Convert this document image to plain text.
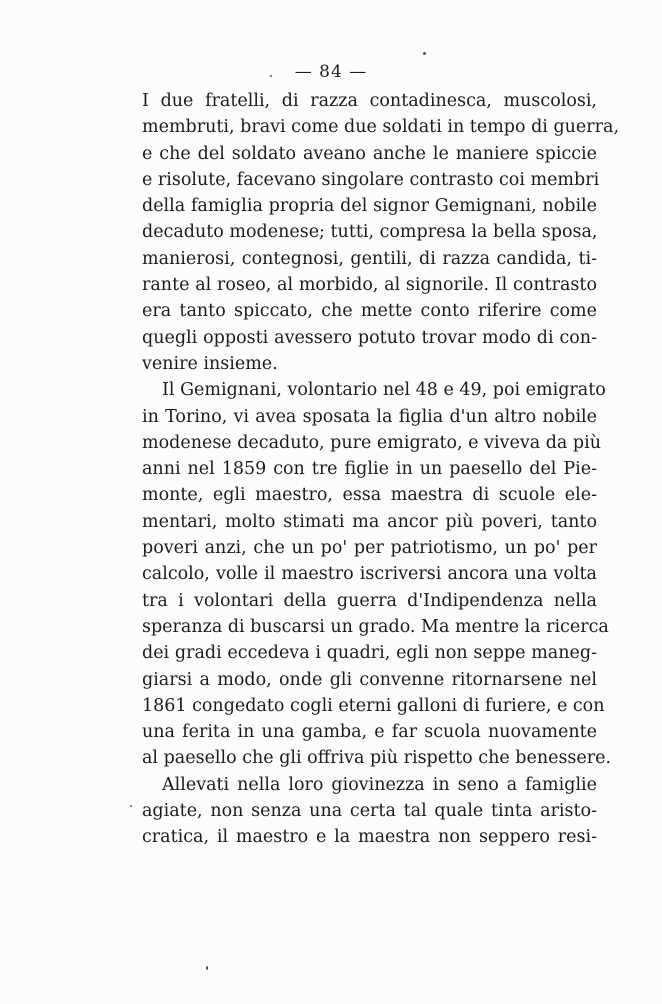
— 84 —
I due fratelli, di razza contadinesca, muscolosi,
membruti, bravi come due soldati in tempo di guerra,
e che del soldato aveano anche le maniere spiccie
e risolute, facevano singolare contrasto coi membri
della famiglia propria del signor Gemignani, nobile
decaduto modenese; tutti, compresa la bella sposa,
manierosi, contegnosi, gentili, di razza candida, ti-
rante al roseo, al morbido, al signorile. Il contrasto
era tanto spiccato, che mette conto riferire come
quegli opposti avessero potuto trovar modo di con-
venire insieme.
Il Gemignani, volontario nel 48 e 49, poi emigrato
in Torino, vi avea sposata la figlia d'un altro nobile
modenese decaduto, pure emigrato, e viveva da più
anni nel 1859 con tre figlie in un paesello del Pie-
monte, egli maestro, essa maestra di scuole ele-
mentari, molto stimati ma ancor più poveri, tanto
poveri anzi, che un po' per patriotismo, un po' per
calcolo, volle il maestro iscriversi ancora una volta
tra i volontari della guerra d'Indipendenza nella
speranza di buscarsi un grado. Ma mentre la ricerca
dei gradi eccedeva i quadri, egli non seppe maneg-
giarsi a modo, onde gli convenne ritornarsene nel
1861 congedato cogli eterni galloni di furiere, e con
una ferita in una gamba, e far scuola nuovamente
al paesello che gli offriva più rispetto che benessere.
Allevati nella loro giovinezza in seno a famiglie
agiate, non senza una certa tal quale tinta aristo-
cratica, il maestro e la maestra non seppero resi-
